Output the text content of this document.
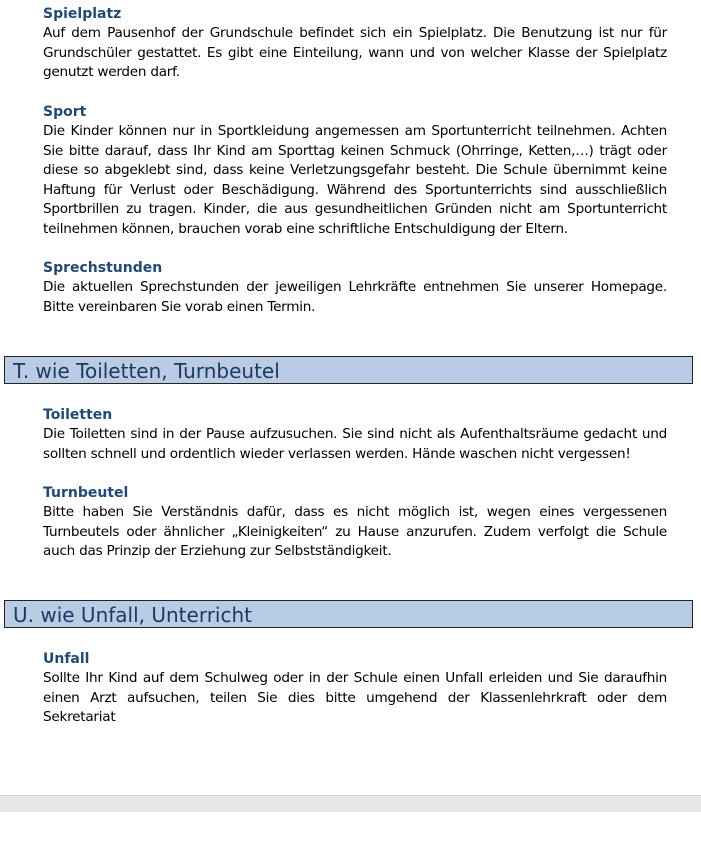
Spielplatz

Auf dem Pausenhof der Grundschule befindet sich ein Spielplatz. Die Benutzung ist nur für Grundschüler gestattet. Es gibt eine Einteilung, wann und von welcher Klasse der Spielplatz genutzt werden darf.

Sport

Die Kinder können nur in Sportkleidung angemessen am Sportunterricht teilnehmen. Achten Sie bitte darauf, dass Ihr Kind am Sporttag keinen Schmuck (Ohrringe, Ketten,…) trägt oder diese so abgeklebt sind, dass keine Verletzungsgefahr besteht. Die Schule übernimmt keine Haftung für Verlust oder Beschädigung. Während des Sportunterrichts sind ausschließlich Sportbrillen zu tragen. Kinder, die aus gesundheitlichen Gründen nicht am Sportunterricht teilnehmen können, brauchen vorab eine schriftliche Entschuldigung der Eltern.

Sprechstunden

Die aktuellen Sprechstunden der jeweiligen Lehrkräfte entnehmen Sie unserer Homepage. Bitte vereinbaren Sie vorab einen Termin.

T. wie Toiletten, Turnbeutel
Toiletten

Die Toiletten sind in der Pause aufzusuchen. Sie sind nicht als Aufenthaltsräume gedacht und sollten schnell und ordentlich wieder verlassen werden. Hände waschen nicht vergessen!

Turnbeutel

Bitte haben Sie Verständnis dafür, dass es nicht möglich ist, wegen eines vergessenen Turnbeutels oder ähnlicher „Kleinigkeiten“ zu Hause anzurufen. Zudem verfolgt die Schule auch das Prinzip der Erziehung zur Selbstständigkeit.

U. wie Unfall, Unterricht
Unfall

Sollte Ihr Kind auf dem Schulweg oder in der Schule einen Unfall erleiden und Sie daraufhin einen Arzt aufsuchen, teilen Sie dies bitte umgehend der Klassenlehrkraft oder dem Sekretariat
